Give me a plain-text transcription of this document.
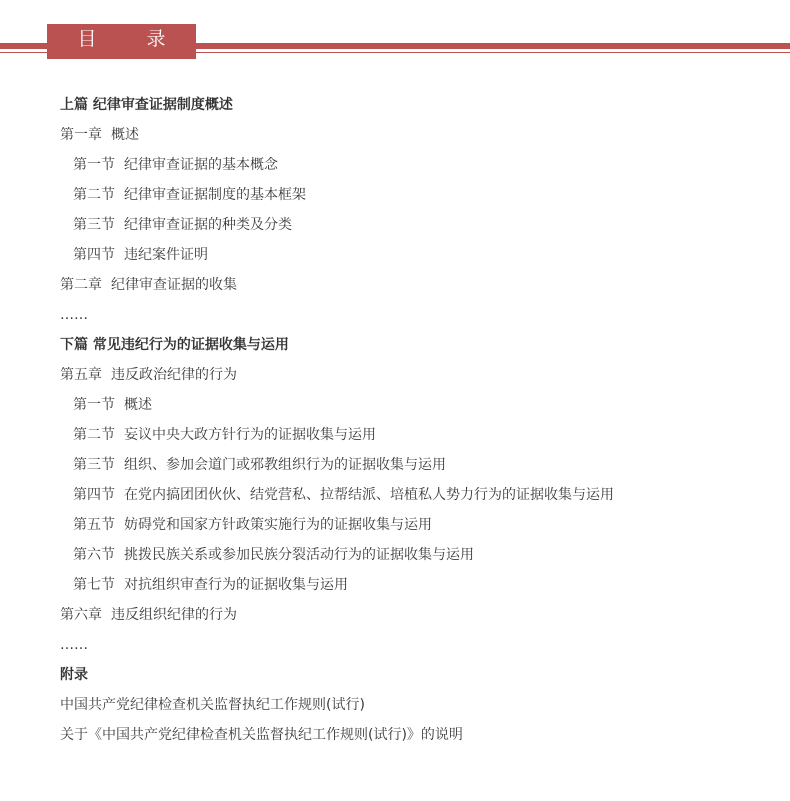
目 录
上篇 纪律审查证据制度概述
第一章 概述
第一节 纪律审查证据的基本概念
第二节 纪律审查证据制度的基本框架
第三节 纪律审查证据的种类及分类
第四节 违纪案件证明
第二章 纪律审查证据的收集
……
下篇 常见违纪行为的证据收集与运用
第五章 违反政治纪律的行为
第一节 概述
第二节 妄议中央大政方针行为的证据收集与运用
第三节 组织、参加会道门或邪教组织行为的证据收集与运用
第四节 在党内搞团团伙伙、结党营私、拉帮结派、培植私人势力行为的证据收集与运用
第五节 妨碍党和国家方针政策实施行为的证据收集与运用
第六节 挑拨民族关系或参加民族分裂活动行为的证据收集与运用
第七节 对抗组织审查行为的证据收集与运用
第六章 违反组织纪律的行为
……
附录
中国共产党纪律检查机关监督执纪工作规则(试行)
关于《中国共产党纪律检查机关监督执纪工作规则(试行)》的说明
